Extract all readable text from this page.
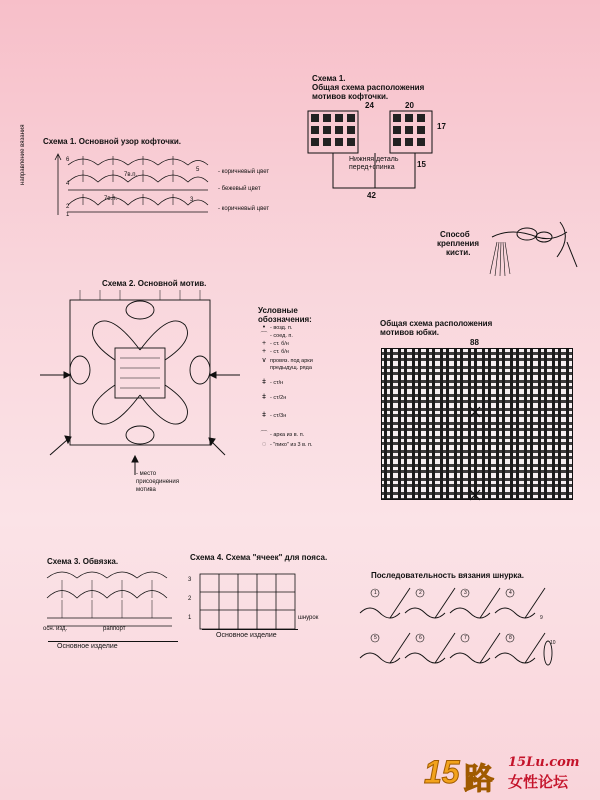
Схема 1. Основной узор кофточки.
направление вязания	7в.п.
7в.п.
6
5
4
3
2
1
- коричневый цвет
- бежевый цвет
- коричневый цвет
Схема 1.
Общая схема расположения
мотивов кофточки.
24	20
17
15
42
Нижняя деталь
перед+спинка
Способ
крепления
кисти.
Схема 2. Основной мотив.
- место
присоединения
мотива
Условные
обозначения:
• - возд. п.
⌒ - соед. п.
+ - ст. б/н
+ - ст. б/н
∨ провяз. под арки
предыдущ. ряда
ǂ - ст/н
ǂ - ст/2н
ǂ - ст/3н
⌒ - арка из в. п.
◌ - "пико" из 3 в. п.
Общая схема расположения
мотивов юбки.
88
Схема 3. Обвязка.
осн. изд.	раппорт
Основное изделие
Схема 4. Схема "ячеек" для пояса.
3
2
1	шнурок
Основное изделие
Последовательность вязания шнурка.
1	2	3	4
5	6	7	8
9
10
15 路 15Lu.com
女性论坛
